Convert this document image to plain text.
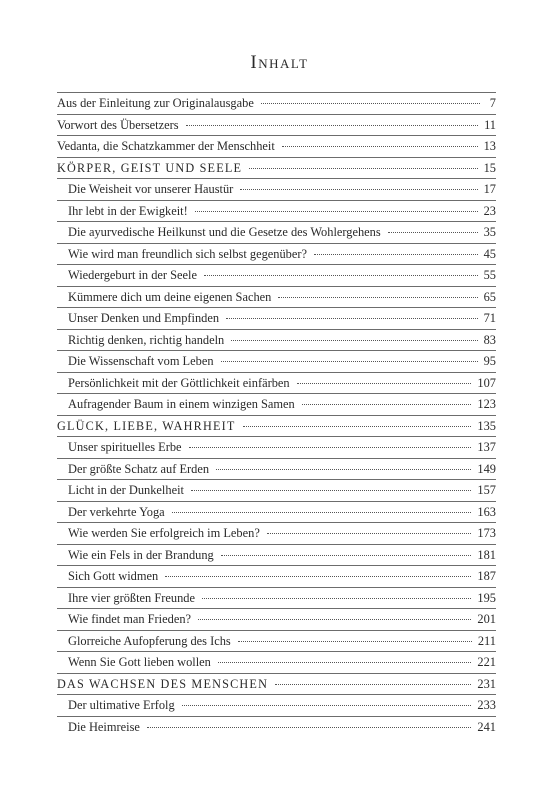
Inhalt
Aus der Einleitung zur Originalausgabe	7
Vorwort des Übersetzers	11
Vedanta, die Schatzkammer der Menschheit	13
KÖRPER, GEIST UND SEELE	15
Die Weisheit vor unserer Haustür	17
Ihr lebt in der Ewigkeit!	23
Die ayurvedische Heilkunst und die Gesetze des Wohlergehens	35
Wie wird man freundlich sich selbst gegenüber?	45
Wiedergeburt in der Seele	55
Kümmere dich um deine eigenen Sachen	65
Unser Denken und Empfinden	71
Richtig denken, richtig handeln	83
Die Wissenschaft vom Leben	95
Persönlichkeit mit der Göttlichkeit einfärben	107
Aufragender Baum in einem winzigen Samen	123
GLÜCK, LIEBE, WAHRHEIT	135
Unser spirituelles Erbe	137
Der größte Schatz auf Erden	149
Licht in der Dunkelheit	157
Der verkehrte Yoga	163
Wie werden Sie erfolgreich im Leben?	173
Wie ein Fels in der Brandung	181
Sich Gott widmen	187
Ihre vier größten Freunde	195
Wie findet man Frieden?	201
Glorreiche Aufopferung des Ichs	211
Wenn Sie Gott lieben wollen	221
DAS WACHSEN DES MENSCHEN	231
Der ultimative Erfolg	233
Die Heimreise	241
